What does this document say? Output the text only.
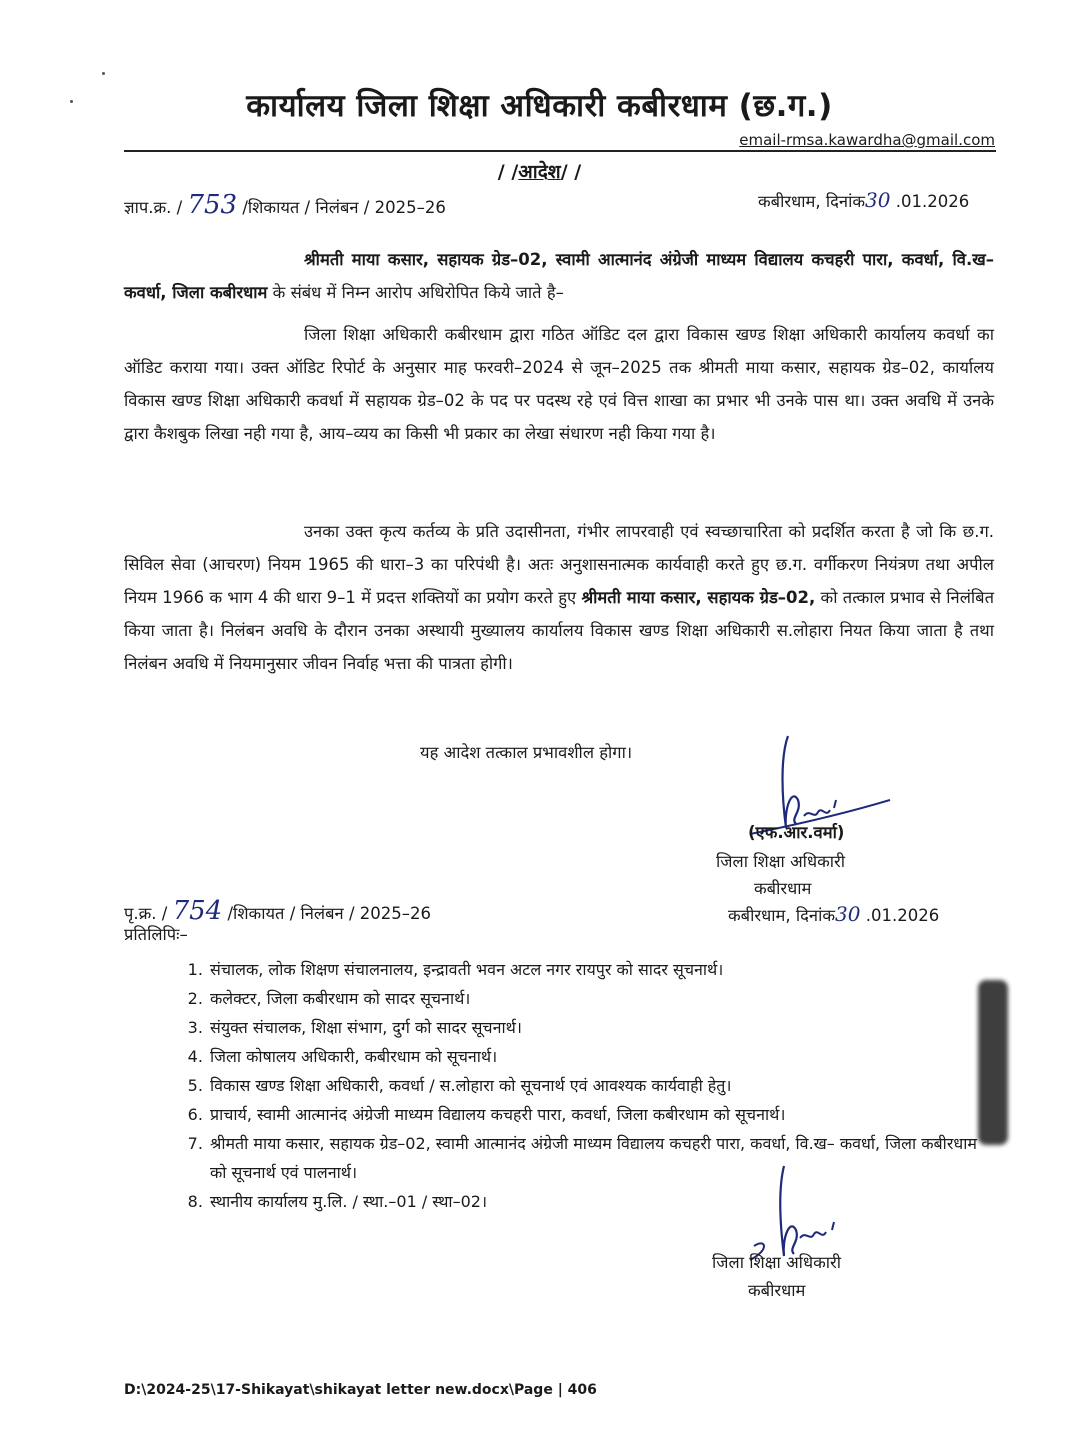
कार्यालय जिला शिक्षा अधिकारी कबीरधाम (छ.ग.)
email-rmsa.kawardha@gmail.com
/ /आदेश/ /
ज्ञाप.क्र. / 753 /शिकायत / निलंबन / 2025–26	कबीरधाम, दिनांक30 .01.2026
श्रीमती माया कसार, सहायक ग्रेड–02, स्वामी आत्मानंद अंग्रेजी माध्यम विद्यालय कचहरी पारा, कवर्धा, वि.ख– कवर्धा, जिला कबीरधाम के संबंध में निम्न आरोप अधिरोपित किये जाते है–
जिला शिक्षा अधिकारी कबीरधाम द्वारा गठित ऑडिट दल द्वारा विकास खण्ड शिक्षा अधिकारी कार्यालय कवर्धा का ऑडिट कराया गया। उक्त ऑडिट रिपोर्ट के अनुसार माह फरवरी–2024 से जून–2025 तक श्रीमती माया कसार, सहायक ग्रेड–02, कार्यालय विकास खण्ड शिक्षा अधिकारी कवर्धा में सहायक ग्रेड–02 के पद पर पदस्थ रहे एवं वित्त शाखा का प्रभार भी उनके पास था। उक्त अवधि में उनके द्वारा कैशबुक लिखा नही गया है, आय–व्यय का किसी भी प्रकार का लेखा संधारण नही किया गया है।
उनका उक्त कृत्य कर्तव्य के प्रति उदासीनता, गंभीर लापरवाही एवं स्वच्छाचारिता को प्रदर्शित करता है जो कि छ.ग. सिविल सेवा (आचरण) नियम 1965 की धारा–3 का परिपंथी है। अतः अनुशासनात्मक कार्यवाही करते हुए छ.ग. वर्गीकरण नियंत्रण तथा अपील नियम 1966 क भाग 4 की धारा 9–1 में प्रदत्त शक्तियों का प्रयोग करते हुए श्रीमती माया कसार, सहायक ग्रेड–02, को तत्काल प्रभाव से निलंबित किया जाता है। निलंबन अवधि के दौरान उनका अस्थायी मुख्यालय कार्यालय विकास खण्ड शिक्षा अधिकारी स.लोहारा नियत किया जाता है तथा निलंबन अवधि में नियमानुसार जीवन निर्वाह भत्ता की पात्रता होगी।
यह आदेश तत्काल प्रभावशील होगा।
(एफ.आर.वर्मा)
जिला शिक्षा अधिकारी
कबीरधाम
पृ.क्र. / 754 /शिकायत / निलंबन / 2025–26	कबीरधाम, दिनांक30 .01.2026
प्रतिलिपिः–
1. संचालक, लोक शिक्षण संचालनालय, इन्द्रावती भवन अटल नगर रायपुर को सादर सूचनार्थ।
2. कलेक्टर, जिला कबीरधाम को सादर सूचनार्थ।
3. संयुक्त संचालक, शिक्षा संभाग, दुर्ग को सादर सूचनार्थ।
4. जिला कोषालय अधिकारी, कबीरधाम को सूचनार्थ।
5. विकास खण्ड शिक्षा अधिकारी, कवर्धा / स.लोहारा को सूचनार्थ एवं आवश्यक कार्यवाही हेतु।
6. प्राचार्य, स्वामी आत्मानंद अंग्रेजी माध्यम विद्यालय कचहरी पारा, कवर्धा, जिला कबीरधाम को सूचनार्थ।
7. श्रीमती माया कसार, सहायक ग्रेड–02, स्वामी आत्मानंद अंग्रेजी माध्यम विद्यालय कचहरी पारा, कवर्धा, वि.ख– कवर्धा, जिला कबीरधाम को सूचनार्थ एवं पालनार्थ।
8. स्थानीय कार्यालय मु.लि. / स्था.–01 / स्था–02।
जिला शिक्षा अधिकारी
कबीरधाम
D:\2024-25\17-Shikayat\shikayat letter new.docx\Page | 406
